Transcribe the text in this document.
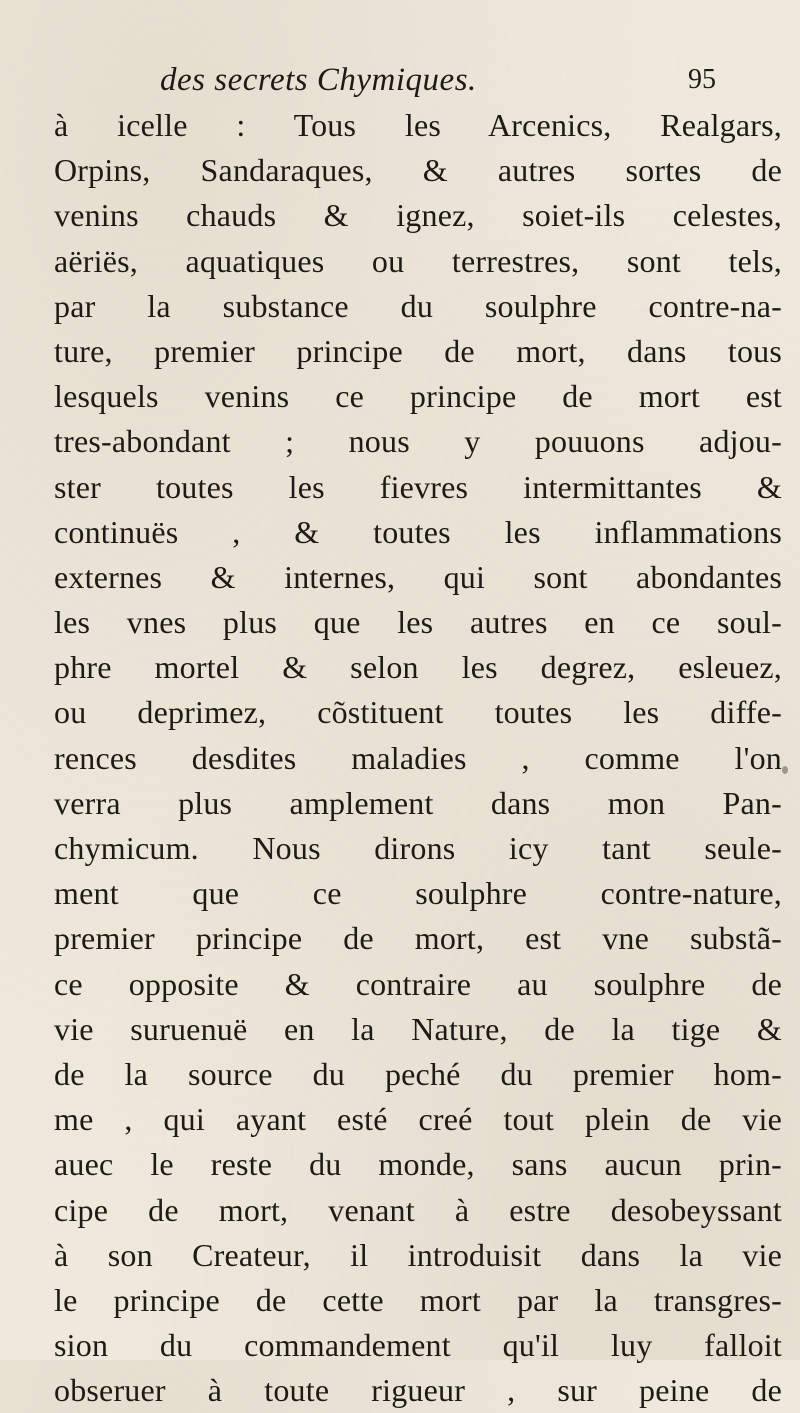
des secrets Chymiques.	95
à icelle : Tous les Arcenics, Realgars,
Orpins, Sandaraques, & autres sortes de
venins chauds & ignez, soiet-ils celestes,
aëriës, aquatiques ou terrestres, sont tels,
par la substance du soulphre contre-na-
ture, premier principe de mort, dans tous
lesquels venins ce principe de mort est
tres-abondant ; nous y pouuons adjou-
ster toutes les fievres intermittantes &
continuës , & toutes les inflammations
externes & internes, qui sont abondantes
les vnes plus que les autres en ce soul-
phre mortel & selon les degrez, esleuez,
ou deprimez, cõstituent toutes les diffe-
rences desdites maladies , comme l'on
verra plus amplement dans mon Pan-
chymicum. Nous dirons icy tant seule-
ment que ce soulphre contre-nature,
premier principe de mort, est vne substã-
ce opposite & contraire au soulphre de
vie suruenuë en la Nature, de la tige &
de la source du peché du premier hom-
me , qui ayant esté creé tout plein de vie
auec le reste du monde, sans aucun prin-
cipe de mort, venant à estre desobeyssant
à son Createur, il introduisit dans la vie
le principe de cette mort par la transgres-
sion du commandement qu'il luy falloit
obseruer à toute rigueur , sur peine de
